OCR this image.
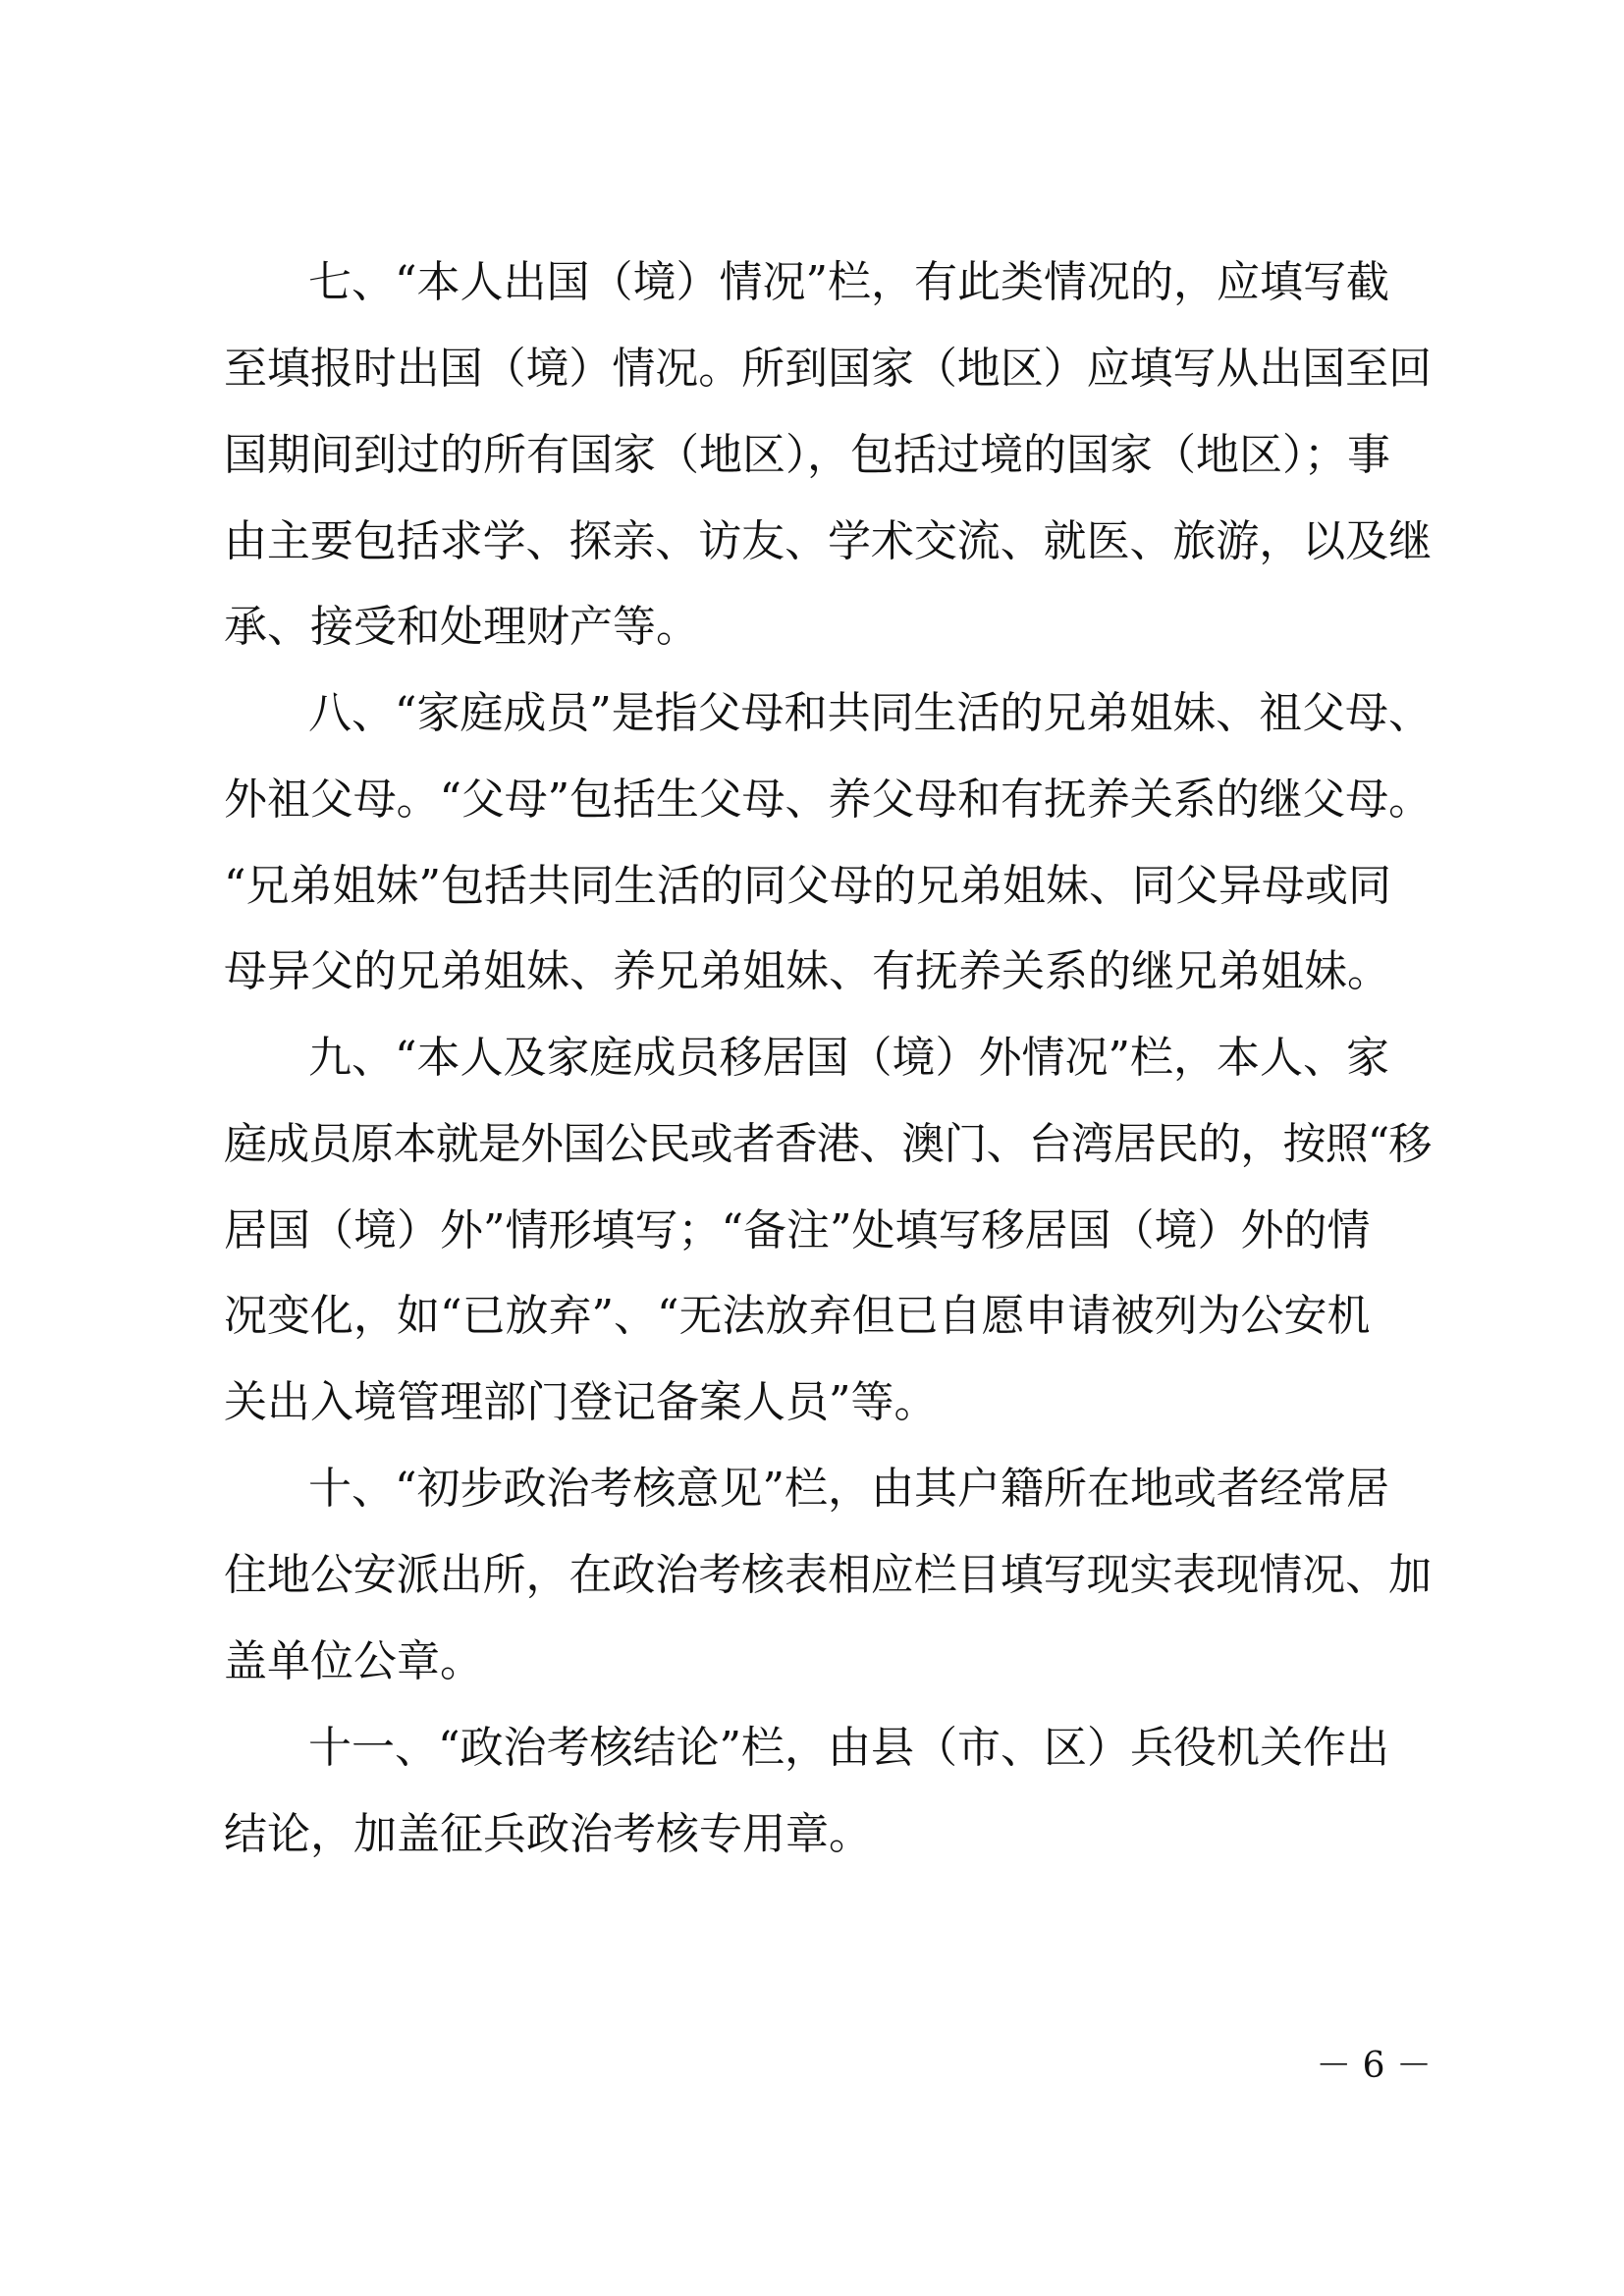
七、“本人出国（境）情况”栏，有此类情况的，应填写截
至填报时出国（境）情况。所到国家（地区）应填写从出国至回
国期间到过的所有国家（地区），包括过境的国家（地区）；事
由主要包括求学、探亲、访友、学术交流、就医、旅游，以及继
承、接受和处理财产等。
八、“家庭成员”是指父母和共同生活的兄弟姐妹、祖父母、
外祖父母。“父母”包括生父母、养父母和有抚养关系的继父母。
“兄弟姐妹”包括共同生活的同父母的兄弟姐妹、同父异母或同
母异父的兄弟姐妹、养兄弟姐妹、有抚养关系的继兄弟姐妹。
九、“本人及家庭成员移居国（境）外情况”栏，本人、家
庭成员原本就是外国公民或者香港、澳门、台湾居民的，按照“移
居国（境）外”情形填写；“备注”处填写移居国（境）外的情
况变化，如“已放弃”、“无法放弃但已自愿申请被列为公安机
关出入境管理部门登记备案人员”等。
十、“初步政治考核意见”栏，由其户籍所在地或者经常居
住地公安派出所，在政治考核表相应栏目填写现实表现情况、加
盖单位公章。
十一、“政治考核结论”栏，由县（市、区）兵役机关作出
结论，加盖征兵政治考核专用章。
－ 6 －
